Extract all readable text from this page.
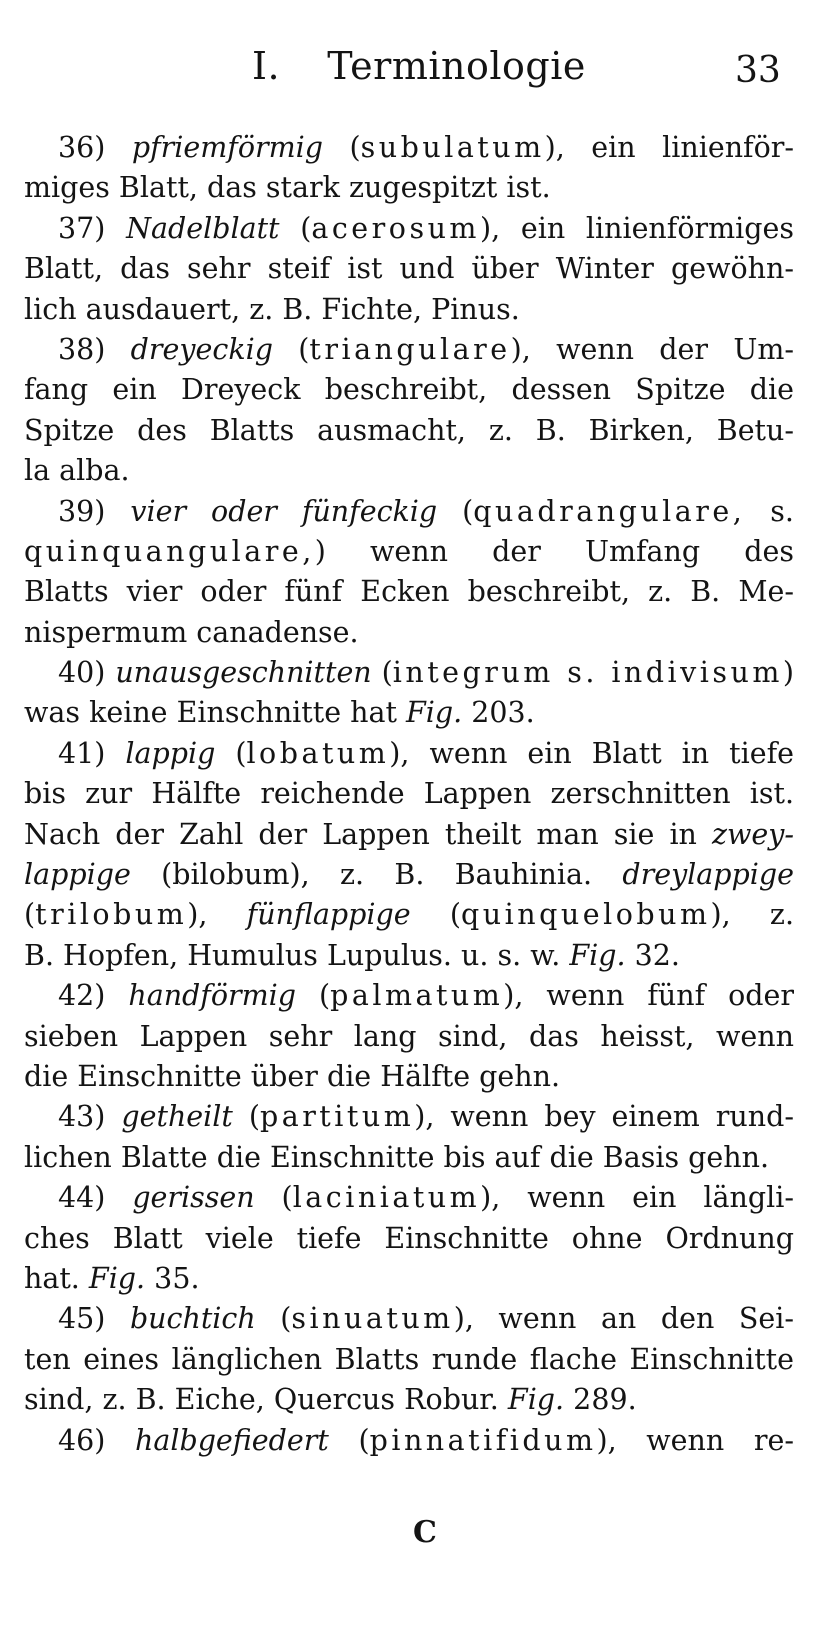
I. Terminologie	33
36) pfriemförmig (subulatum), ein linienför-
miges Blatt, das stark zugespitzt ist.
37) Nadelblatt (acerosum), ein linienförmiges
Blatt, das sehr steif ist und über Winter gewöhn-
lich ausdauert, z. B. Fichte, Pinus.
38) dreyeckig (triangulare), wenn der Um-
fang ein Dreyeck beschreibt, dessen Spitze die
Spitze des Blatts ausmacht, z. B. Birken, Betu-
la alba.
39) vier oder fünfeckig (quadrangulare, s.
quinquangulare,) wenn der Umfang des
Blatts vier oder fünf Ecken beschreibt, z. B. Me-
nispermum canadense.
40) unausgeschnitten (integrum s. indivisum)
was keine Einschnitte hat Fig. 203.
41) lappig (lobatum), wenn ein Blatt in tiefe
bis zur Hälfte reichende Lappen zerschnitten ist.
Nach der Zahl der Lappen theilt man sie in zwey-
lappige (bilobum), z. B. Bauhinia. dreylappige
(trilobum), fünflappige (quinquelobum), z.
B. Hopfen, Humulus Lupulus. u. s. w. Fig. 32.
42) handförmig (palmatum), wenn fünf oder
sieben Lappen sehr lang sind, das heisst, wenn
die Einschnitte über die Hälfte gehn.
43) getheilt (partitum), wenn bey einem rund-
lichen Blatte die Einschnitte bis auf die Basis gehn.
44) gerissen (laciniatum), wenn ein längli-
ches Blatt viele tiefe Einschnitte ohne Ordnung
hat. Fig. 35.
45) buchtich (sinuatum), wenn an den Sei-
ten eines länglichen Blatts runde flache Einschnitte
sind, z. B. Eiche, Quercus Robur. Fig. 289.
46) halbgefiedert (pinnatifidum), wenn re-
C
